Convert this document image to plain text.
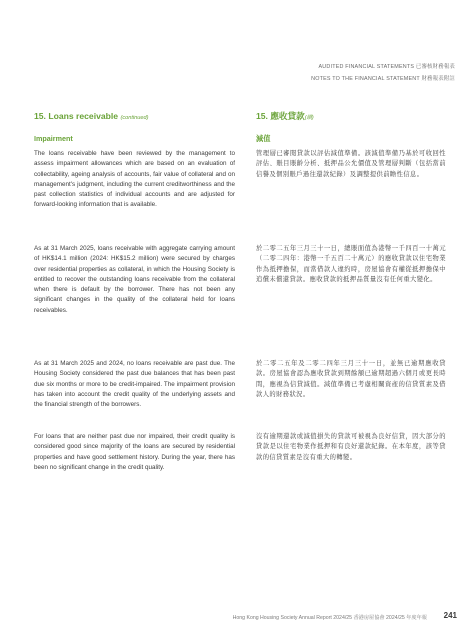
AUDITED FINANCIAL STATEMENTS 已審核財務報表
NOTES TO THE FINANCIAL STATEMENT 財務報表附註
15. Loans receivable (continued)
Impairment

The loans receivable have been reviewed by the management to assess impairment allowances which are based on an evaluation of collectability, ageing analysis of accounts, fair value of collateral and on management's judgment, including the current creditworthiness and the past collection statistics of individual accounts and are adjusted for forward-looking information that is available.

As at 31 March 2025, loans receivable with aggregate carrying amount of HK$14.1 million (2024: HK$15.2 million) were secured by charges over residential properties as collateral, in which the Housing Society is entitled to recover the outstanding loans receivable from the collateral when there is default by the borrower. There has not been any significant changes in the quality of the collateral held for loans receivables.

As at 31 March 2025 and 2024, no loans receivable are past due. The Housing Society considered the past due balances that has been past due six months or more to be credit-impaired. The impairment provision has taken into account the credit quality of the underlying assets and the financial strength of the borrowers.

For loans that are neither past due nor impaired, their credit quality is considered good since majority of the loans are secured by residential properties and have good settlement history. During the year, there has been no significant change in the credit quality.

15. 應收貸款(續)
減值

管理層已審閱貸款以評估減值準備。該減值準備乃基於可收回性評估、賬目賬齡分析、抵押品公允價值及管理層判斷（包括當前信譽及個別賬戶過往還款紀錄）及調整提供前瞻性信息。

於二零二五年三月三十一日，總賬面值為港幣一千四百一十萬元（二零二四年：港幣一千五百二十萬元）的應收貸款以住宅物業作為抵押擔保，而當借款人違約時，房屋協會有權從抵押擔保中追償未償還貸款。應收貸款的抵押品質量沒有任何重大變化。

於二零二五年及二零二四年三月三十一日，並無已逾期應收貸款。房屋協會認為應收貸款到期餘額已逾期超過六個月或更長時間，應視為信貸減值。減值準備已考慮相關資產的信貸質素及借款人的財務狀況。

沒有逾期還款或減值損失的貸款可被視為良好信貸，因大部分的貸款是以住宅物業作抵押和有良好還款紀錄。在本年度，該等貸款的信貸質素是沒有重大的轉變。

Hong Kong Housing Society Annual Report 2024/25 香港房屋協會 2024/25 年度年報 241
